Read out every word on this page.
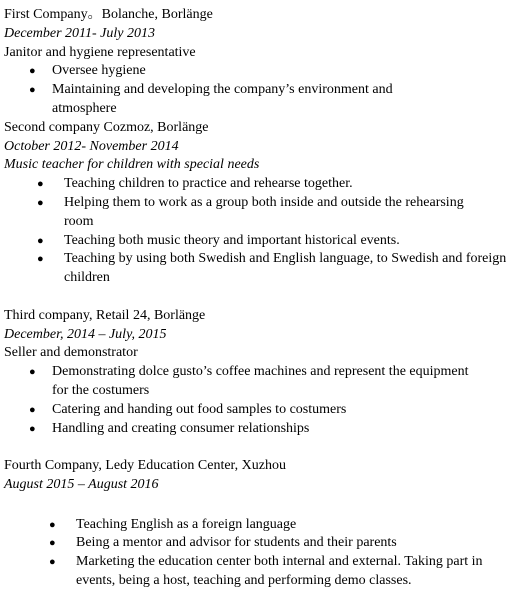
First Company。Bolanche, Borlänge
December 2011- July 2013
Janitor and hygiene representative
● Oversee hygiene
● Maintaining and developing the company’s environment and atmosphere
Second company Cozmoz, Borlänge
October 2012- November 2014
Music teacher for children with special needs
● Teaching children to practice and rehearse together.
● Helping them to work as a group both inside and outside the rehearsing room
● Teaching both music theory and important historical events.
● Teaching by using both Swedish and English language, to Swedish and foreign children
Third company, Retail 24, Borlänge
December, 2014 – July, 2015
Seller and demonstrator
● Demonstrating dolce gusto’s coffee machines and represent the equipment for the costumers
● Catering and handing out food samples to costumers
● Handling and creating consumer relationships
Fourth Company, Ledy Education Center, Xuzhou
August 2015 – August 2016
● Teaching English as a foreign language
● Being a mentor and advisor for students and their parents
● Marketing the education center both internal and external. Taking part in events, being a host, teaching and performing demo classes.
